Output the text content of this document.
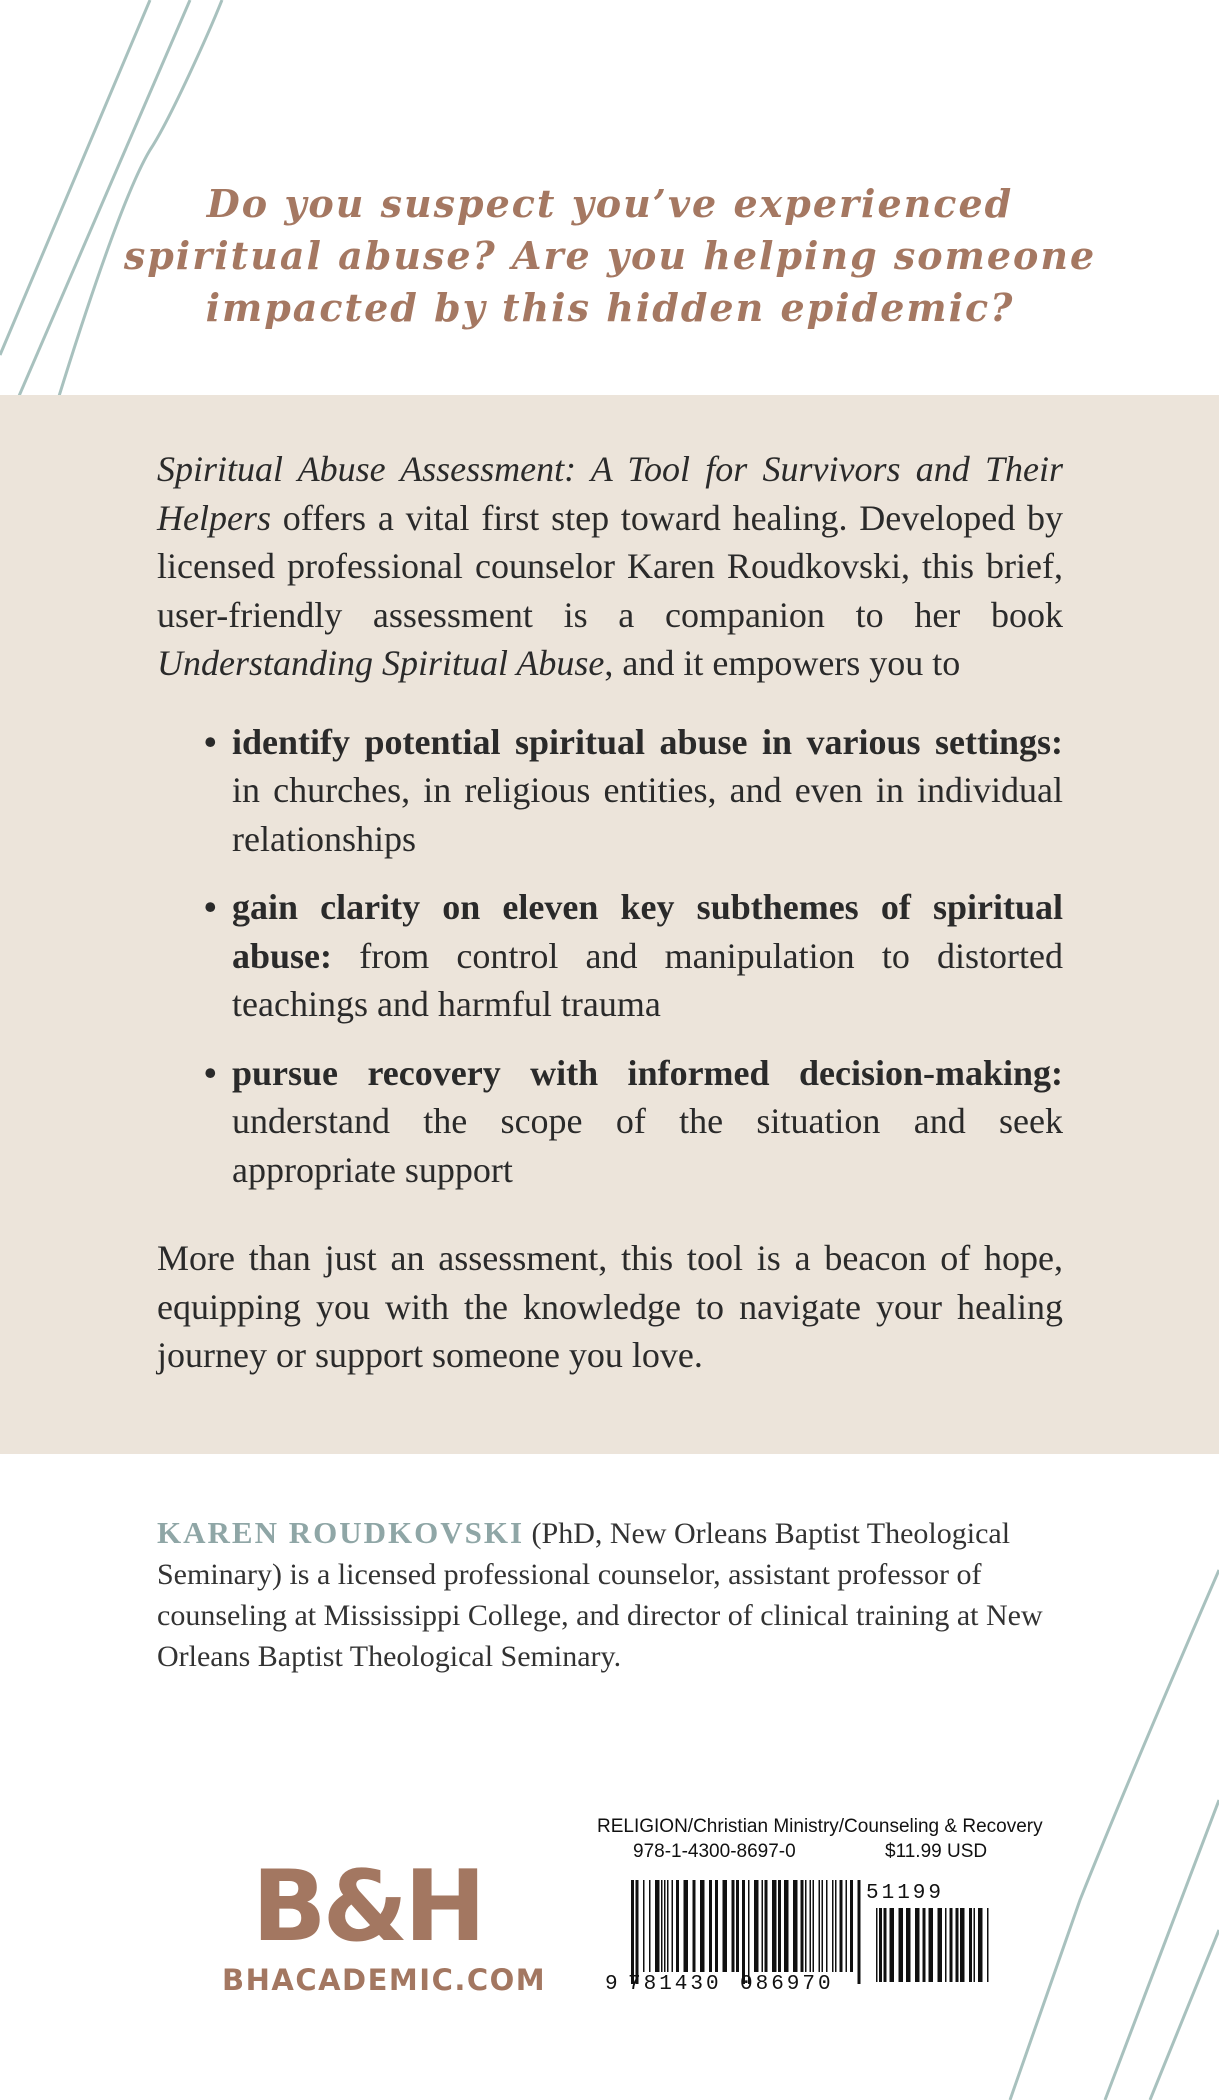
Do you suspect you’ve experienced
spiritual abuse? Are you helping someone
impacted by this hidden epidemic?

Spiritual Abuse Assessment: A Tool for Survivors and Their Helpers offers a vital first step toward healing. Developed by licensed professional counselor Karen Roudkovski, this brief, user-friendly assessment is a companion to her book Understanding Spiritual Abuse, and it empowers you to

• identify potential spiritual abuse in various settings: in churches, in religious entities, and even in individual relationships
• gain clarity on eleven key subthemes of spiritual abuse: from control and manipulation to distorted teachings and harmful trauma
• pursue recovery with informed decision-making: understand the scope of the situation and seek appropriate support

More than just an assessment, this tool is a beacon of hope, equipping you with the knowledge to navigate your healing journey or support someone you love.

KAREN ROUDKOVSKI (PhD, New Orleans Baptist Theological Seminary) is a licensed professional counselor, assistant professor of counseling at Mississippi College, and director of clinical training at New Orleans Baptist Theological Seminary.

B&H
BHACADEMIC.COM
RELIGION/Christian Ministry/Counseling & Recovery
978-1-4300-8697-0	$11.99 USD
9 781430 086970
51199
